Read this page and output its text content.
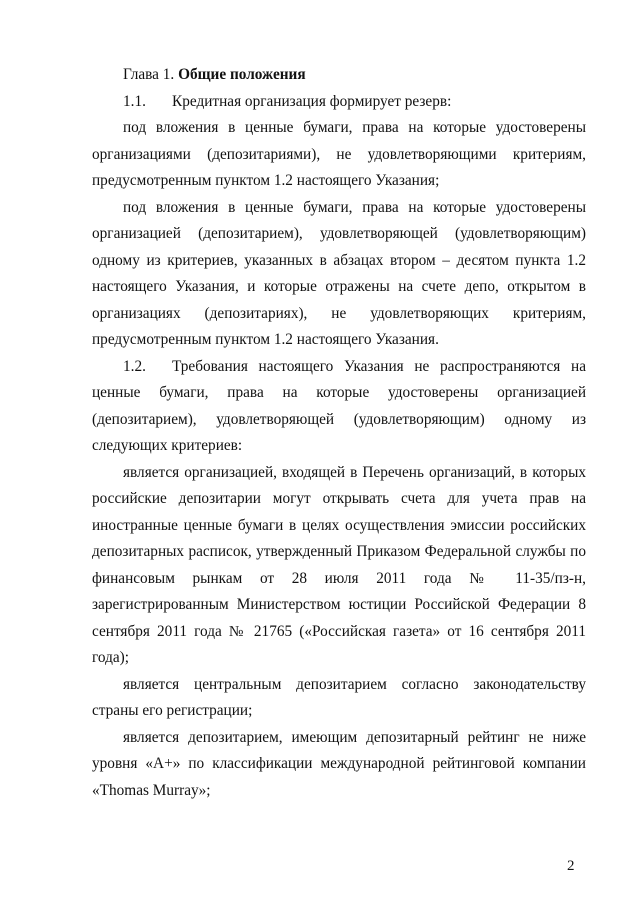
Глава 1. Общие положения

1.1. Кредитная организация формирует резерв:

под вложения в ценные бумаги, права на которые удостоверены организациями (депозитариями), не удовлетворяющими критериям, предусмотренным пунктом 1.2 настоящего Указания;

под вложения в ценные бумаги, права на которые удостоверены организацией (депозитарием), удовлетворяющей (удовлетворяющим) одному из критериев, указанных в абзацах втором – десятом пункта 1.2 настоящего Указания, и которые отражены на счете депо, открытом в организациях (депозитариях), не удовлетворяющих критериям, предусмотренным пунктом 1.2 настоящего Указания.

1.2. Требования настоящего Указания не распространяются на ценные бумаги, права на которые удостоверены организацией (депозитарием), удовлетворяющей (удовлетворяющим) одному из следующих критериев:

является организацией, входящей в Перечень организаций, в которых российские депозитарии могут открывать счета для учета прав на иностранные ценные бумаги в целях осуществления эмиссии российских депозитарных расписок, утвержденный Приказом Федеральной службы по финансовым рынкам от 28 июля 2011 года № 11-35/пз-н, зарегистрированным Министерством юстиции Российской Федерации 8 сентября 2011 года № 21765 («Российская газета» от 16 сентября 2011 года);

является центральным депозитарием согласно законодательству страны его регистрации;

является депозитарием, имеющим депозитарный рейтинг не ниже уровня «А+» по классификации международной рейтинговой компании «Thomas Murray»;

2
